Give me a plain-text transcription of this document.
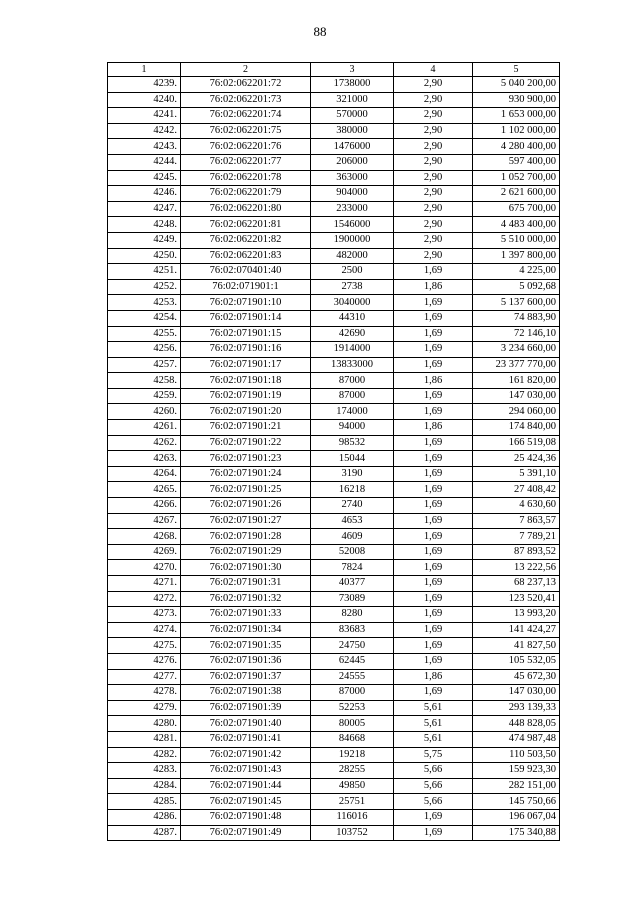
88
1	2	3	4	5
4239.	76:02:062201:72	1738000	2,90	5 040 200,00
4240.	76:02:062201:73	321000	2,90	930 900,00
4241.	76:02:062201:74	570000	2,90	1 653 000,00
4242.	76:02:062201:75	380000	2,90	1 102 000,00
4243.	76:02:062201:76	1476000	2,90	4 280 400,00
4244.	76:02:062201:77	206000	2,90	597 400,00
4245.	76:02:062201:78	363000	2,90	1 052 700,00
4246.	76:02:062201:79	904000	2,90	2 621 600,00
4247.	76:02:062201:80	233000	2,90	675 700,00
4248.	76:02:062201:81	1546000	2,90	4 483 400,00
4249.	76:02:062201:82	1900000	2,90	5 510 000,00
4250.	76:02:062201:83	482000	2,90	1 397 800,00
4251.	76:02:070401:40	2500	1,69	4 225,00
4252.	76:02:071901:1	2738	1,86	5 092,68
4253.	76:02:071901:10	3040000	1,69	5 137 600,00
4254.	76:02:071901:14	44310	1,69	74 883,90
4255.	76:02:071901:15	42690	1,69	72 146,10
4256.	76:02:071901:16	1914000	1,69	3 234 660,00
4257.	76:02:071901:17	13833000	1,69	23 377 770,00
4258.	76:02:071901:18	87000	1,86	161 820,00
4259.	76:02:071901:19	87000	1,69	147 030,00
4260.	76:02:071901:20	174000	1,69	294 060,00
4261.	76:02:071901:21	94000	1,86	174 840,00
4262.	76:02:071901:22	98532	1,69	166 519,08
4263.	76:02:071901:23	15044	1,69	25 424,36
4264.	76:02:071901:24	3190	1,69	5 391,10
4265.	76:02:071901:25	16218	1,69	27 408,42
4266.	76:02:071901:26	2740	1,69	4 630,60
4267.	76:02:071901:27	4653	1,69	7 863,57
4268.	76:02:071901:28	4609	1,69	7 789,21
4269.	76:02:071901:29	52008	1,69	87 893,52
4270.	76:02:071901:30	7824	1,69	13 222,56
4271.	76:02:071901:31	40377	1,69	68 237,13
4272.	76:02:071901:32	73089	1,69	123 520,41
4273.	76:02:071901:33	8280	1,69	13 993,20
4274.	76:02:071901:34	83683	1,69	141 424,27
4275.	76:02:071901:35	24750	1,69	41 827,50
4276.	76:02:071901:36	62445	1,69	105 532,05
4277.	76:02:071901:37	24555	1,86	45 672,30
4278.	76:02:071901:38	87000	1,69	147 030,00
4279.	76:02:071901:39	52253	5,61	293 139,33
4280.	76:02:071901:40	80005	5,61	448 828,05
4281.	76:02:071901:41	84668	5,61	474 987,48
4282.	76:02:071901:42	19218	5,75	110 503,50
4283.	76:02:071901:43	28255	5,66	159 923,30
4284.	76:02:071901:44	49850	5,66	282 151,00
4285.	76:02:071901:45	25751	5,66	145 750,66
4286.	76:02:071901:48	116016	1,69	196 067,04
4287.	76:02:071901:49	103752	1,69	175 340,88
